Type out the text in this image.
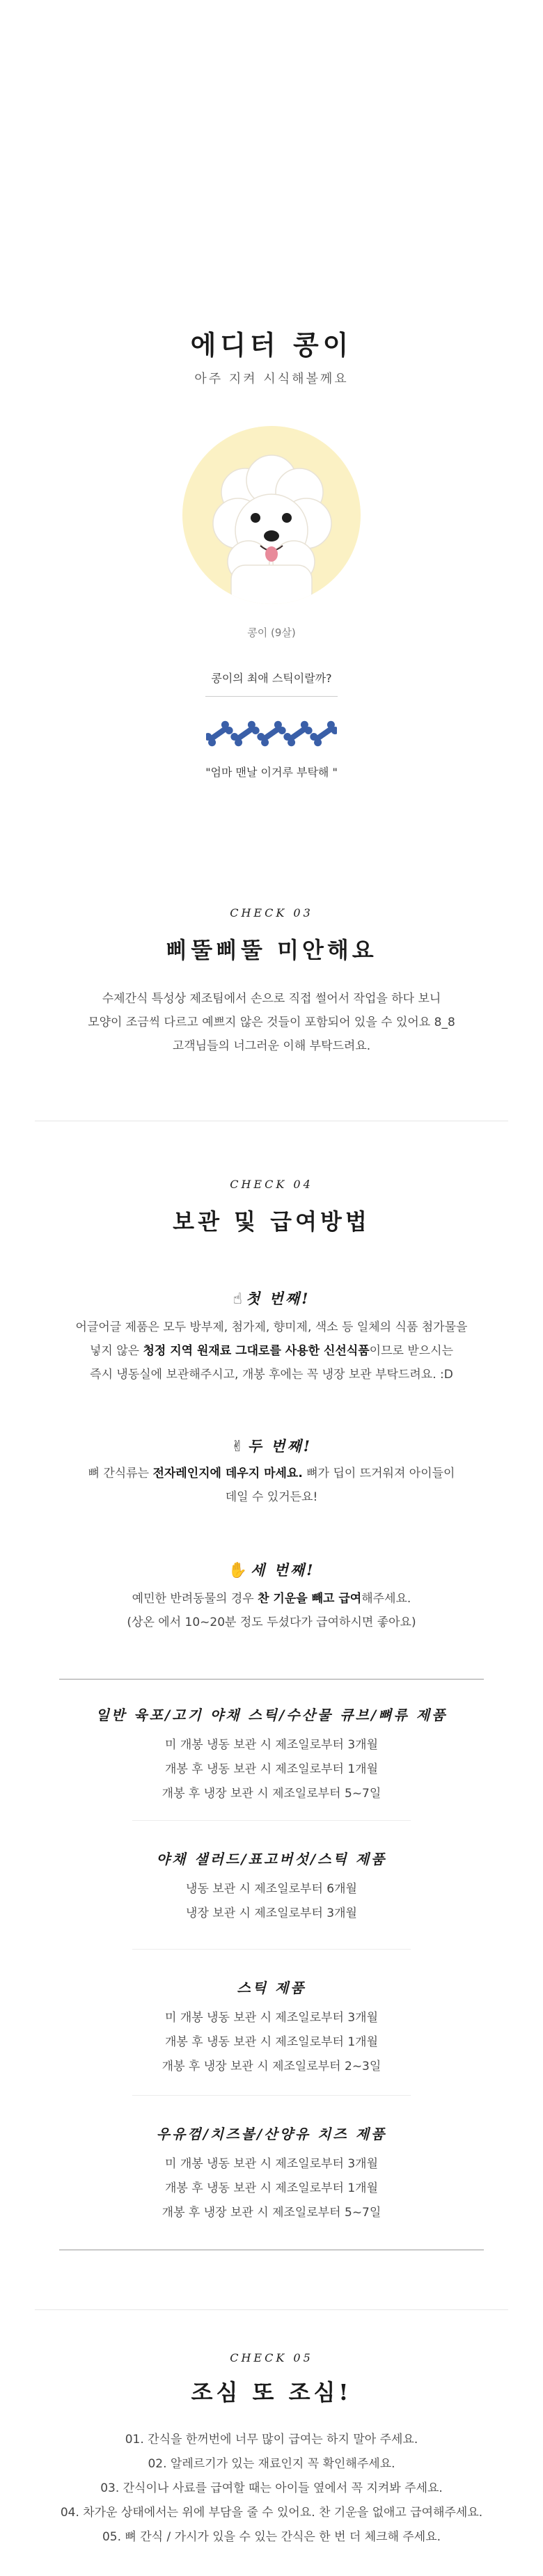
에디터 콩이
아주 지켜 시식해볼께요
콩이 (9살)
콩이의 최애 스틱이랄까?
"엄마 맨날 이거루 부탁해 "
CHECK 03
삐뚤삐뚤 미안해요
수제간식 특성상 제조팀에서 손으로 직접 썰어서 작업을 하다 보니
모양이 조금씩 다르고 예쁘지 않은 것들이 포함되어 있을 수 있어요 8_8
고객님들의 너그러운 이해 부탁드려요.
CHECK 04
보관 및 급여방법
☝ 첫 번째!
어글어글 제품은 모두 방부제, 첨가제, 향미제, 색소 등 일체의 식품 첨가물을
넣지 않은 청정 지역 원재료 그대로를 사용한 신선식품이므로 받으시는
즉시 냉동실에 보관해주시고, 개봉 후에는 꼭 냉장 보관 부탁드려요. :D
✌ 두 번째!
뼈 간식류는 전자레인지에 데우지 마세요. 뼈가 딥이 뜨거워져 아이들이
데일 수 있거든요!
✋ 세 번째!
예민한 반려동물의 경우 찬 기운을 빼고 급여해주세요.
(상온 에서 10~20분 정도 두셨다가 급여하시면 좋아요)
일반 육포/고기 야채 스틱/수산물 큐브/뼈류 제품
미 개봉 냉동 보관 시 제조일로부터 3개월
개봉 후 냉동 보관 시 제조일로부터 1개월
개봉 후 냉장 보관 시 제조일로부터 5~7일
야채 샐러드/표고버섯/스틱 제품
냉동 보관 시 제조일로부터 6개월
냉장 보관 시 제조일로부터 3개월
스틱 제품
미 개봉 냉동 보관 시 제조일로부터 3개월
개봉 후 냉동 보관 시 제조일로부터 1개월
개봉 후 냉장 보관 시 제조일로부터 2~3일
우유껌/치즈볼/산양유 치즈 제품
미 개봉 냉동 보관 시 제조일로부터 3개월
개봉 후 냉동 보관 시 제조일로부터 1개월
개봉 후 냉장 보관 시 제조일로부터 5~7일
CHECK 05
조심 또 조심!
01. 간식을 한꺼번에 너무 많이 급여는 하지 말아 주세요.
02. 알레르기가 있는 재료인지 꼭 확인해주세요.
03. 간식이나 사료를 급여할 때는 아이들 옆에서 꼭 지켜봐 주세요.
04. 차가운 상태에서는 위에 부담을 줄 수 있어요. 찬 기운을 없애고 급여해주세요.
05. 뼈 간식 / 가시가 있을 수 있는 간식은 한 번 더 체크해 주세요.
